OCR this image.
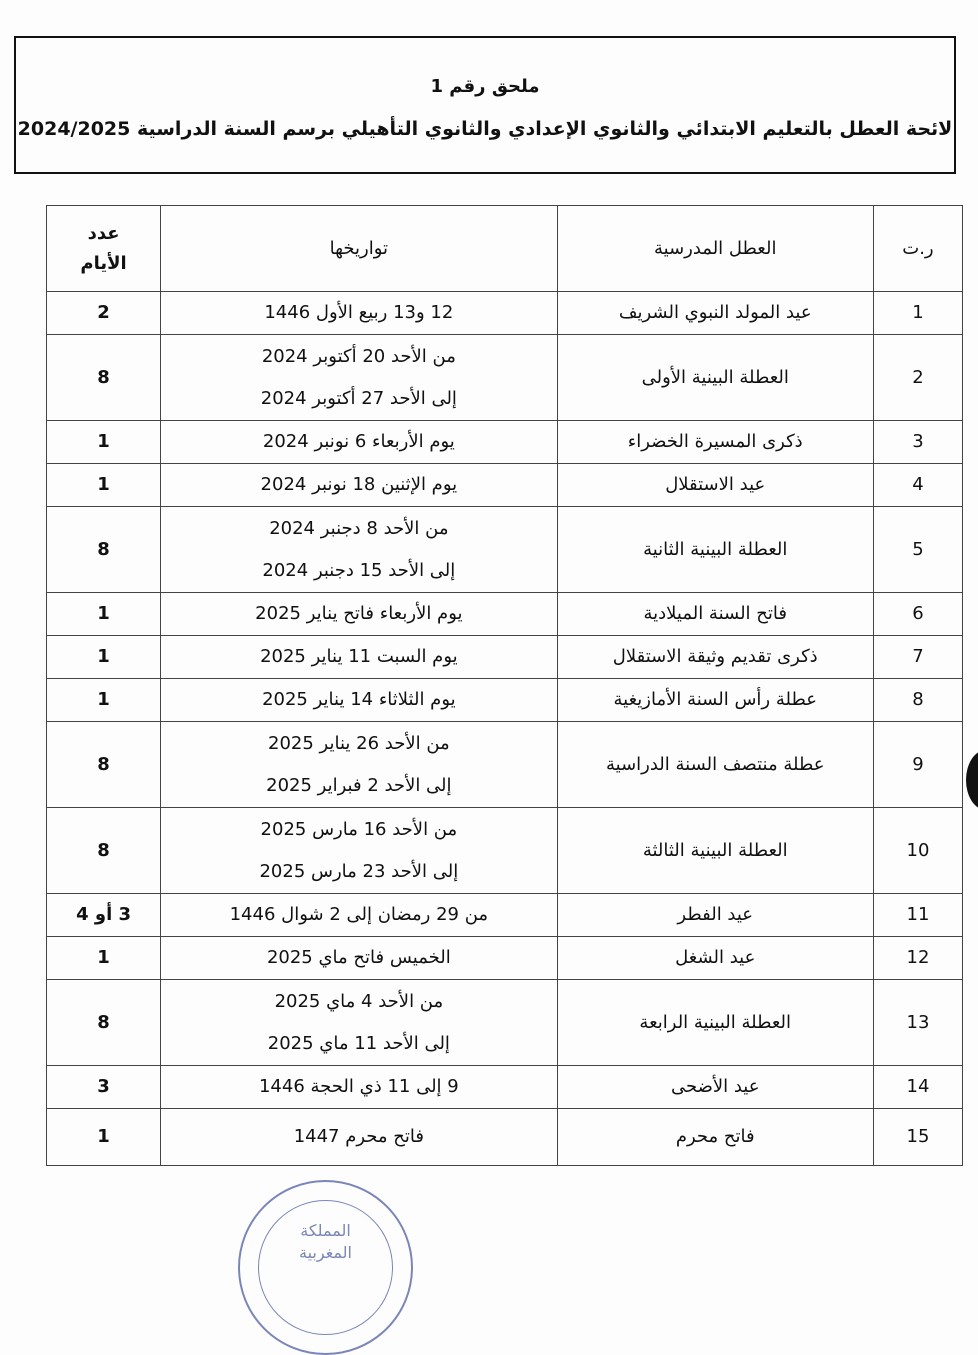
ملحق رقم 1
لائحة العطل بالتعليم الابتدائي والثانوي الإعدادي والثانوي التأهيلي برسم السنة الدراسية 2024/2025
ر.ت	العطل المدرسية	تواريخها	عدد
الأيام
1	عيد المولد النبوي الشريف	12 و13 ربيع الأول 1446	2
2	العطلة البينية الأولى	من الأحد 20 أكتوبر 2024
إلى الأحد 27 أكتوبر 2024	8
3	ذكرى المسيرة الخضراء	يوم الأربعاء 6 نونبر 2024	1
4	عيد الاستقلال	يوم الإثنين 18 نونبر 2024	1
5	العطلة البينية الثانية	من الأحد 8 دجنبر 2024
إلى الأحد 15 دجنبر 2024	8
6	فاتح السنة الميلادية	يوم الأربعاء فاتح يناير 2025	1
7	ذكرى تقديم وثيقة الاستقلال	يوم السبت 11 يناير 2025	1
8	عطلة رأس السنة الأمازيغية	يوم الثلاثاء 14 يناير 2025	1
9	عطلة منتصف السنة الدراسية	من الأحد 26 يناير 2025
إلى الأحد 2 فبراير 2025	8
10	العطلة البينية الثالثة	من الأحد 16 مارس 2025
إلى الأحد 23 مارس 2025	8
11	عيد الفطر	من 29 رمضان إلى 2 شوال 1446	3 أو 4
12	عيد الشغل	الخميس فاتح ماي 2025	1
13	العطلة البينية الرابعة	من الأحد 4 ماي 2025
إلى الأحد 11 ماي 2025	8
14	عيد الأضحى	9 إلى 11 ذي الحجة 1446	3
15	فاتح محرم	فاتح محرم 1447	1
المملكة
المغربية
